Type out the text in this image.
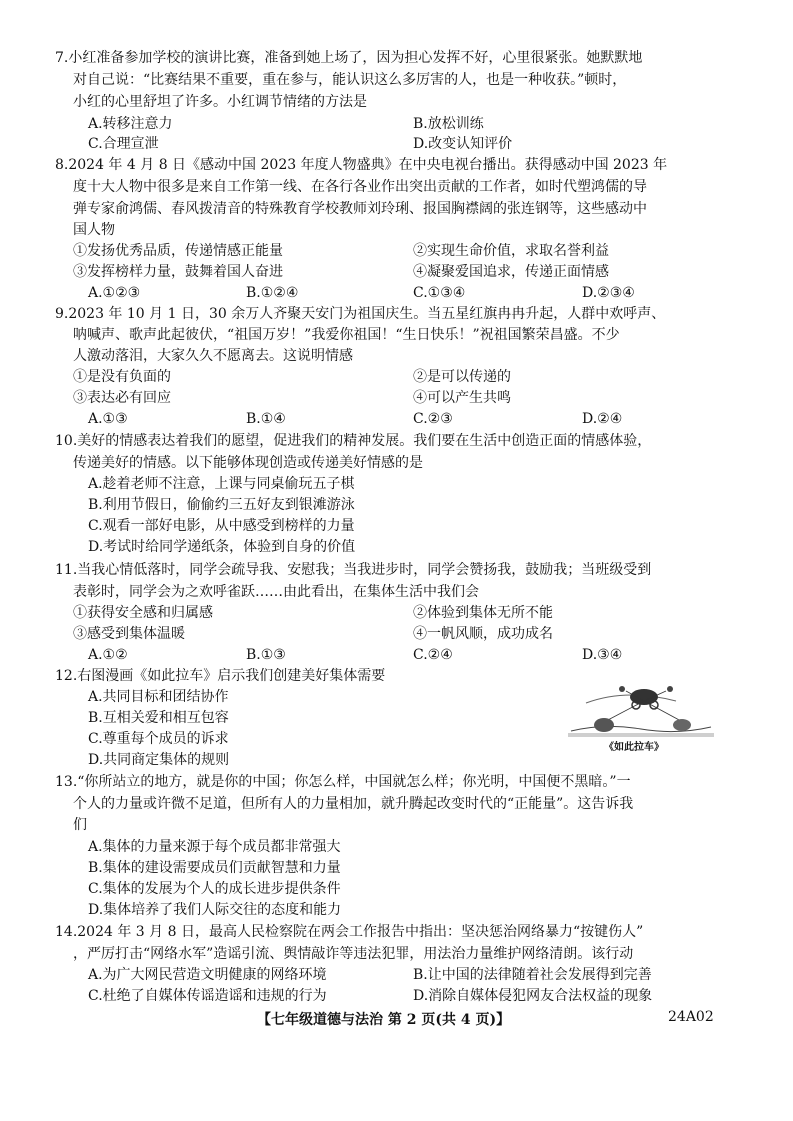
7.小红准备参加学校的演讲比赛，准备到她上场了，因为担心发挥不好，心里很紧张。她默默地
对自己说：“比赛结果不重要，重在参与，能认识这么多厉害的人，也是一种收获。”顿时，
小红的心里舒坦了许多。小红调节情绪的方法是
A.转移注意力	B.放松训练
C.合理宣泄	D.改变认知评价
8.2024 年 4 月 8 日《感动中国 2023 年度人物盛典》在中央电视台播出。获得感动中国 2023 年
度十大人物中很多是来自工作第一线、在各行各业作出突出贡献的工作者，如时代塑鸿儒的导
弹专家俞鸿儒、春风拨清音的特殊教育学校教师刘玲琍、报国胸襟阔的张连钢等，这些感动中
国人物
①发扬优秀品质，传递情感正能量	②实现生命价值，求取名誉利益
③发挥榜样力量，鼓舞着国人奋进	④凝聚爱国追求，传递正面情感
A.①②③	B.①②④	C.①③④	D.②③④
9.2023 年 10 月 1 日，30 余万人齐聚天安门为祖国庆生。当五星红旗冉冉升起，人群中欢呼声、
呐喊声、歌声此起彼伏，“祖国万岁！”我爱你祖国！“生日快乐！”祝祖国繁荣昌盛。不少
人激动落泪，大家久久不愿离去。这说明情感
①是没有负面的	②是可以传递的
③表达必有回应	④可以产生共鸣
A.①③	B.①④	C.②③	D.②④
10.美好的情感表达着我们的愿望，促进我们的精神发展。我们要在生活中创造正面的情感体验，
传递美好的情感。以下能够体现创造或传递美好情感的是
A.趁着老师不注意，上课与同桌偷玩五子棋
B.利用节假日，偷偷约三五好友到银滩游泳
C.观看一部好电影，从中感受到榜样的力量
D.考试时给同学递纸条，体验到自身的价值
11.当我心情低落时，同学会疏导我、安慰我；当我进步时，同学会赞扬我，鼓励我；当班级受到
表彰时，同学会为之欢呼雀跃……由此看出，在集体生活中我们会
①获得安全感和归属感	②体验到集体无所不能
③感受到集体温暖	④一帆风顺，成功成名
A.①②	B.①③	C.②④	D.③④
12.右图漫画《如此拉车》启示我们创建美好集体需要
A.共同目标和团结协作
B.互相关爱和相互包容
C.尊重每个成员的诉求
D.共同商定集体的规则
《如此拉车》
13.“你所站立的地方，就是你的中国；你怎么样，中国就怎么样；你光明，中国便不黑暗。”一
个人的力量或许微不足道，但所有人的力量相加，就升腾起改变时代的“正能量”。这告诉我
们
A.集体的力量来源于每个成员都非常强大
B.集体的建设需要成员们贡献智慧和力量
C.集体的发展为个人的成长进步提供条件
D.集体培养了我们人际交往的态度和能力
14.2024 年 3 月 8 日，最高人民检察院在两会工作报告中指出：坚决惩治网络暴力“按键伤人”
，严厉打击“网络水军”造谣引流、舆情敲诈等违法犯罪，用法治力量维护网络清朗。该行动
A.为广大网民营造文明健康的网络环境	B.让中国的法律随着社会发展得到完善
C.杜绝了自媒体传谣造谣和违规的行为	D.消除自媒体侵犯网友合法权益的现象
【七年级道德与法治 第 2 页(共 4 页)】	24A02
